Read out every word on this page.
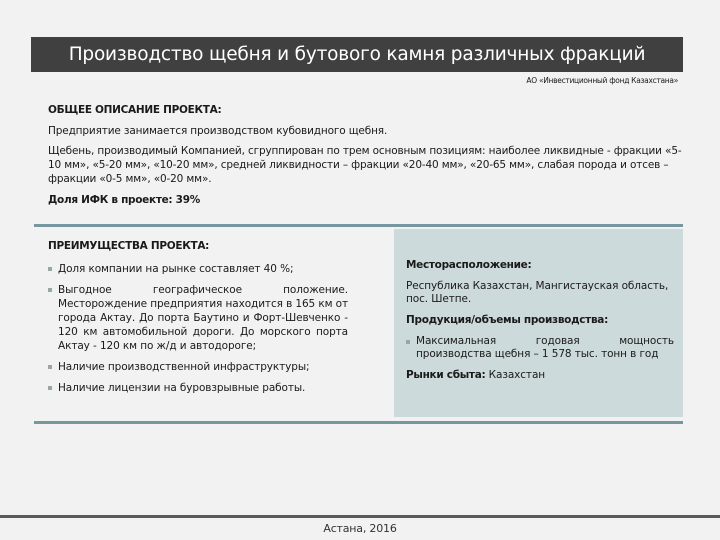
Производство щебня и бутового камня различных фракций
АО «Инвестиционный фонд Казахстана»
ОБЩЕЕ ОПИСАНИЕ ПРОЕКТА:
Предприятие занимается производством кубовидного щебня.
Щебень, производимый Компанией, сгруппирован по трем основным позициям: наиболее ликвидные - фракции «5-10 мм», «5-20 мм», «10-20 мм», средней ликвидности – фракции «20-40 мм», «20-65 мм», слабая порода и отсев – фракции «0-5 мм», «0-20 мм».
Доля ИФК в проекте: 39%
ПРЕИМУЩЕСТВА ПРОЕКТА:
Доля компании на рынке составляет 40 %;
Выгодное географическое положение. Месторождение предприятия находится в 165 км от города Актау. До порта Баутино и Форт-Шевченко - 120 км автомобильной дороги. До морского порта Актау - 120 км по ж/д и автодороге;
Наличие производственной инфраструктуры;
Наличие лицензии на буровзрывные работы.
Месторасположение:
Республика Казахстан, Мангистауская область, пос. Шетпе.
Продукция/объемы производства:
Максимальная годовая мощность производства щебня – 1 578 тыс. тонн в год
Рынки сбыта: Казахстан
Астана, 2016
